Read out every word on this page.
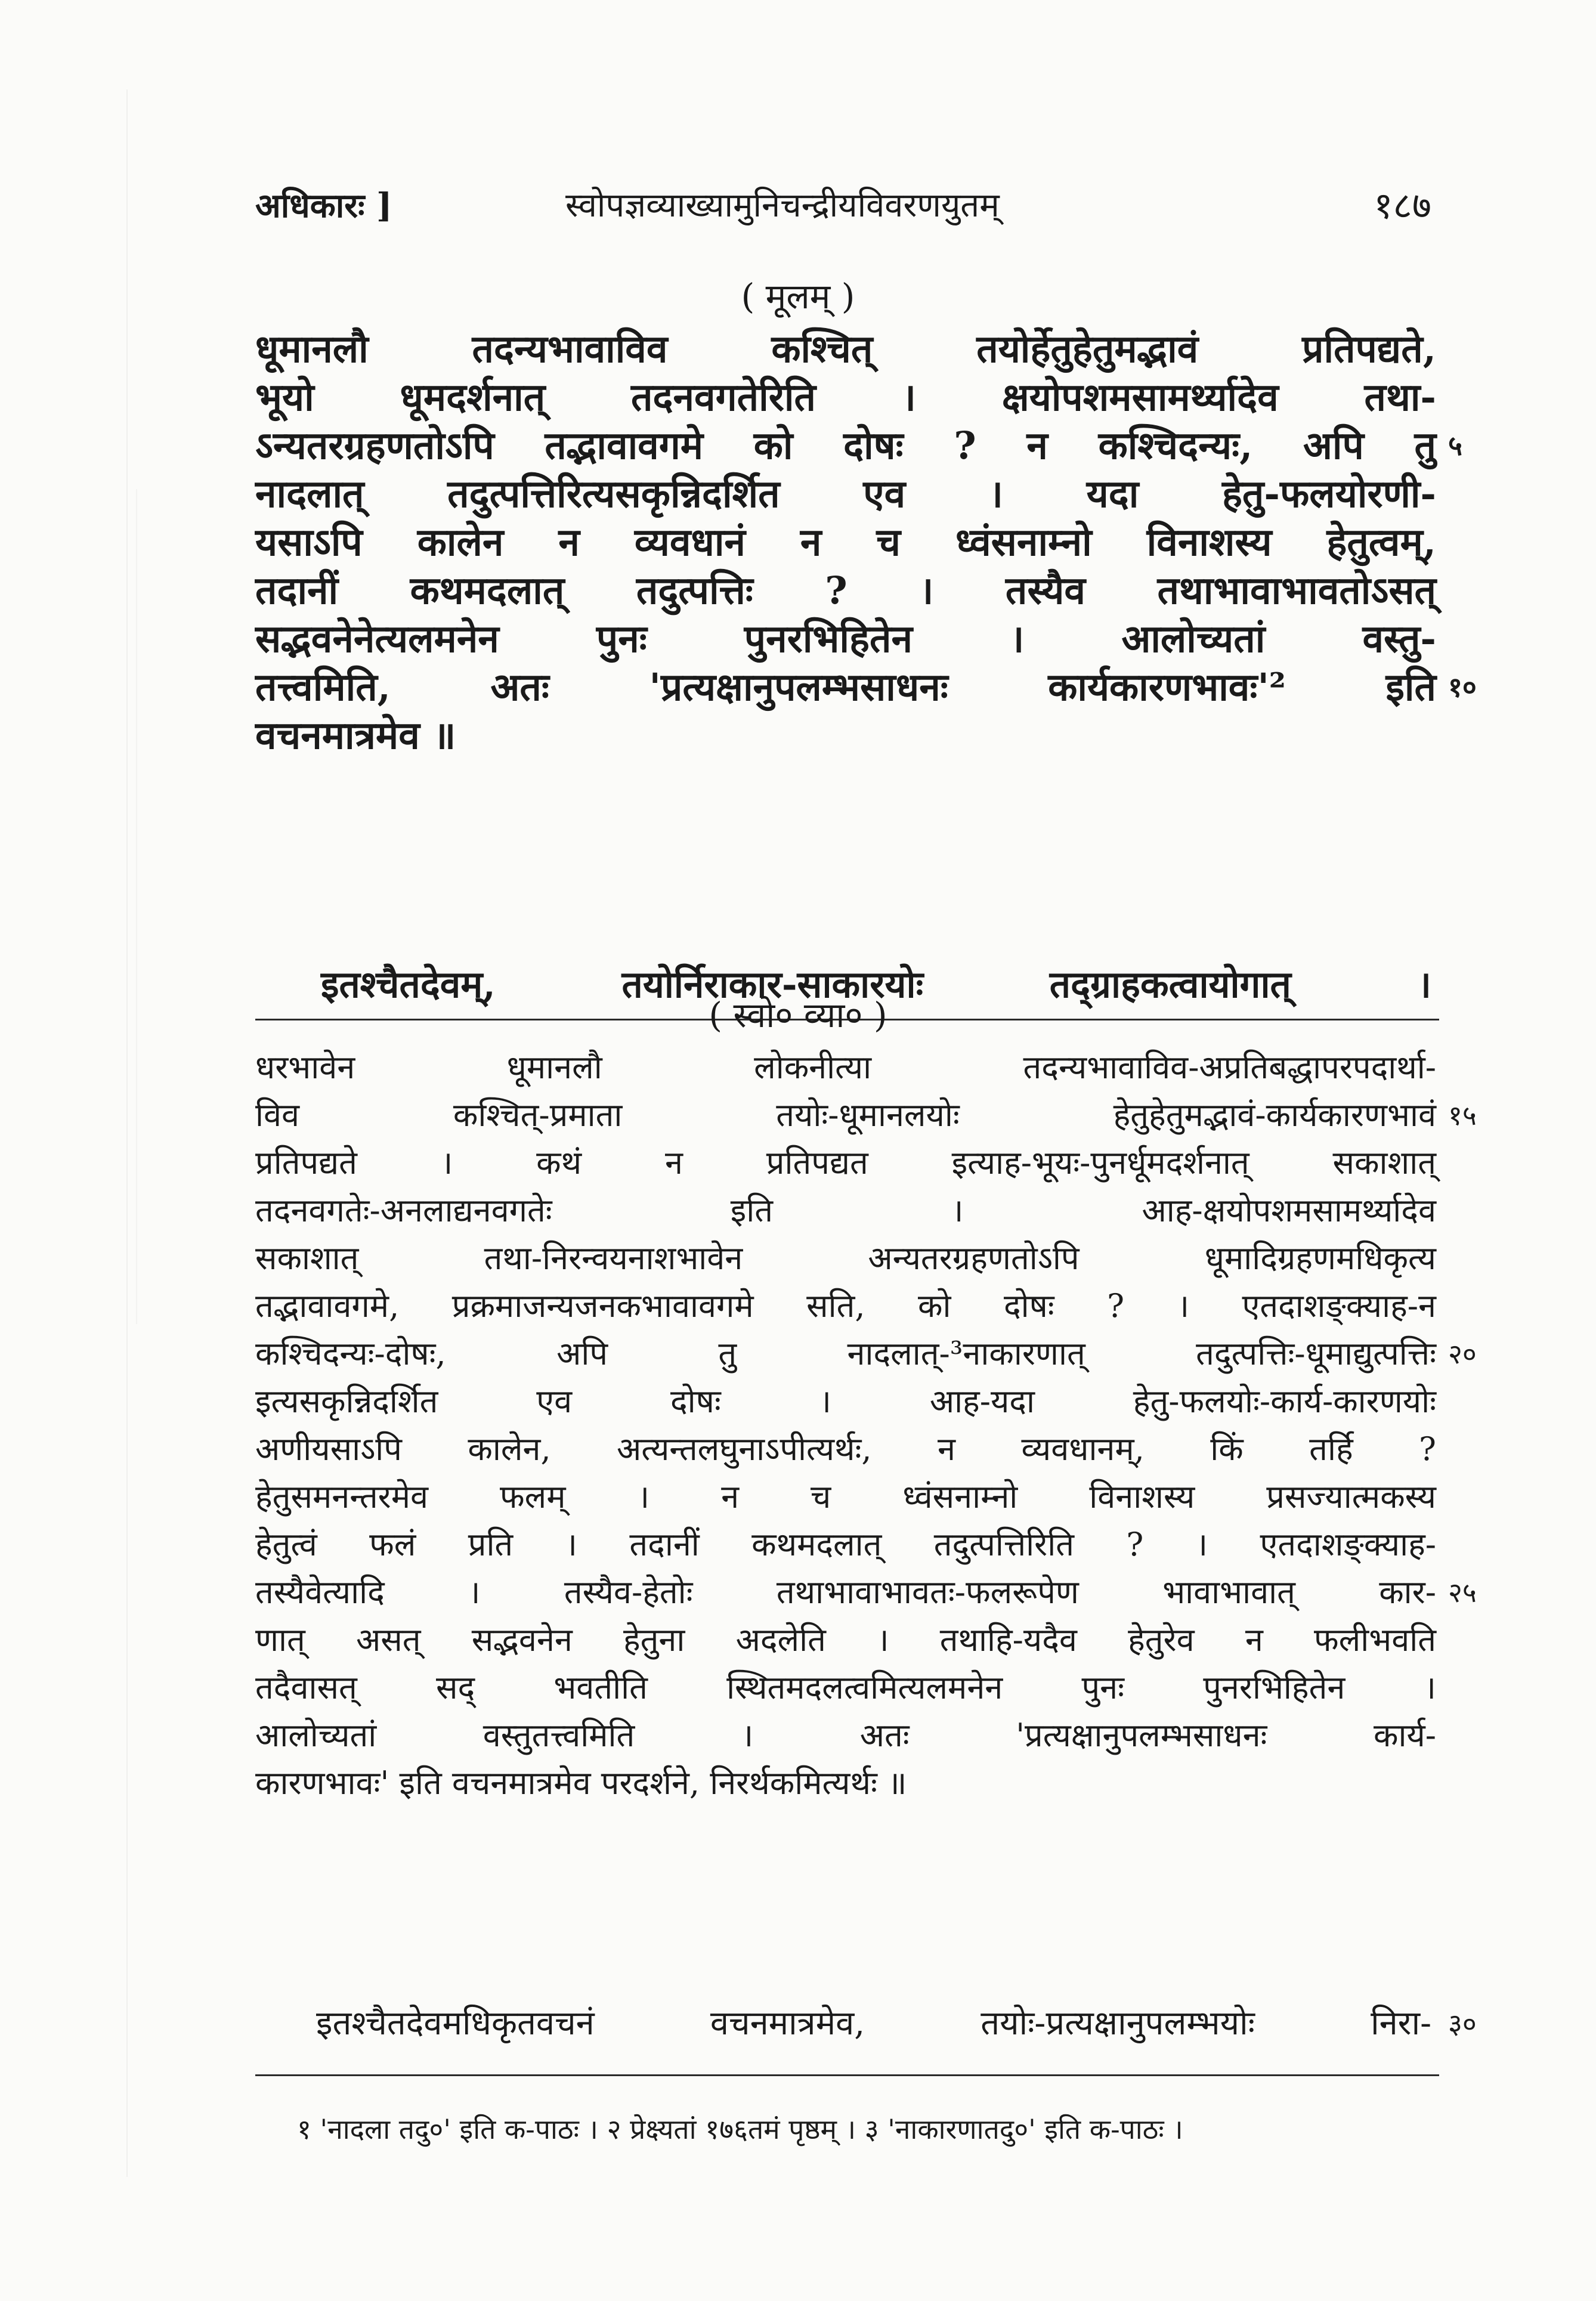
अधिकारः ]	स्वोपज्ञव्याख्यामुनिचन्द्रीयविवरणयुतम्	१८७
( मूलम् )
धूमानलौ तदन्यभावाविव कश्चित् तयोर्हेतुहेतुमद्भावं प्रतिपद्यते,
भूयो धूमदर्शनात् तदनवगतेरिति । क्षयोपशमसामर्थ्यादेव तथा-
ऽन्यतरग्रहणतोऽपि तद्भावावगमे को दोषः ? न कश्चिदन्यः, अपि तु ५
नादलात् तदुत्पत्तिरित्यसकृन्निदर्शित एव । यदा हेतु-फलयोरणी-
यसाऽपि कालेन न व्यवधानं न च ध्वंसनाम्नो विनाशस्य हेतुत्वम्,
तदानीं कथमदलात् तदुत्पत्तिः ? । तस्यैव तथाभावाभावतोऽसत्
सद्भवनेनेत्यलमनेन पुनः पुनरभिहितेन । आलोच्यतां वस्तु-
तत्त्वमिति, अतः 'प्रत्यक्षानुपलम्भसाधनः कार्यकारणभावः'² इति १०
वचनमात्रमेव ॥
इतश्चैतदेवम्, तयोर्निराकार-साकारयोः तद्ग्राहकत्वायोगात् ।
( स्वो० व्या० )
धरभावेन धूमानलौ लोकनीत्या तदन्यभावाविव-अप्रतिबद्धापरपदार्था-
विव कश्चित्-प्रमाता तयोः-धूमानलयोः हेतुहेतुमद्भावं-कार्यकारणभावं १५
प्रतिपद्यते । कथं न प्रतिपद्यत इत्याह-भूयः-पुनर्धूमदर्शनात् सकाशात्
तदनवगतेः-अनलाद्यनवगतेः इति । आह-क्षयोपशमसामर्थ्यादेव
सकाशात् तथा-निरन्वयनाशभावेन अन्यतरग्रहणतोऽपि धूमादिग्रहणमधिकृत्य
तद्भावावगमे, प्रक्रमाजन्यजनकभावावगमे सति, को दोषः ? । एतदाशङ्क्याह-न
कश्चिदन्यः-दोषः, अपि तु नादलात्-³नाकारणात् तदुत्पत्तिः-धूमाद्युत्पत्तिः २०
इत्यसकृन्निदर्शित एव दोषः । आह-यदा हेतु-फलयोः-कार्य-कारणयोः
अणीयसाऽपि कालेन, अत्यन्तलघुनाऽपीत्यर्थः, न व्यवधानम्, किं तर्हि ?
हेतुसमनन्तरमेव फलम् । न च ध्वंसनाम्नो विनाशस्य प्रसज्यात्मकस्य
हेतुत्वं फलं प्रति । तदानीं कथमदलात् तदुत्पत्तिरिति ? । एतदाशङ्क्याह-
तस्यैवेत्यादि । तस्यैव-हेतोः तथाभावाभावतः-फलरूपेण भावाभावात् कार- २५
णात् असत् सद्भवनेन हेतुना अदलेति । तथाहि-यदैव हेतुरेव न फलीभवति
तदैवासत् सद् भवतीति स्थितमदलत्वमित्यलमनेन पुनः पुनरभिहितेन ।
आलोच्यतां वस्तुतत्त्वमिति । अतः 'प्रत्यक्षानुपलम्भसाधनः कार्य-
कारणभावः' इति वचनमात्रमेव परदर्शने, निरर्थकमित्यर्थः ॥
इतश्चैतदेवमधिकृतवचनं वचनमात्रमेव, तयोः-प्रत्यक्षानुपलम्भयोः निरा- ३०
१ 'नादला तदु०' इति क-पाठः । २ प्रेक्ष्यतां १७६तमं पृष्ठम् । ३ 'नाकारणातदु०' इति क-पाठः ।
